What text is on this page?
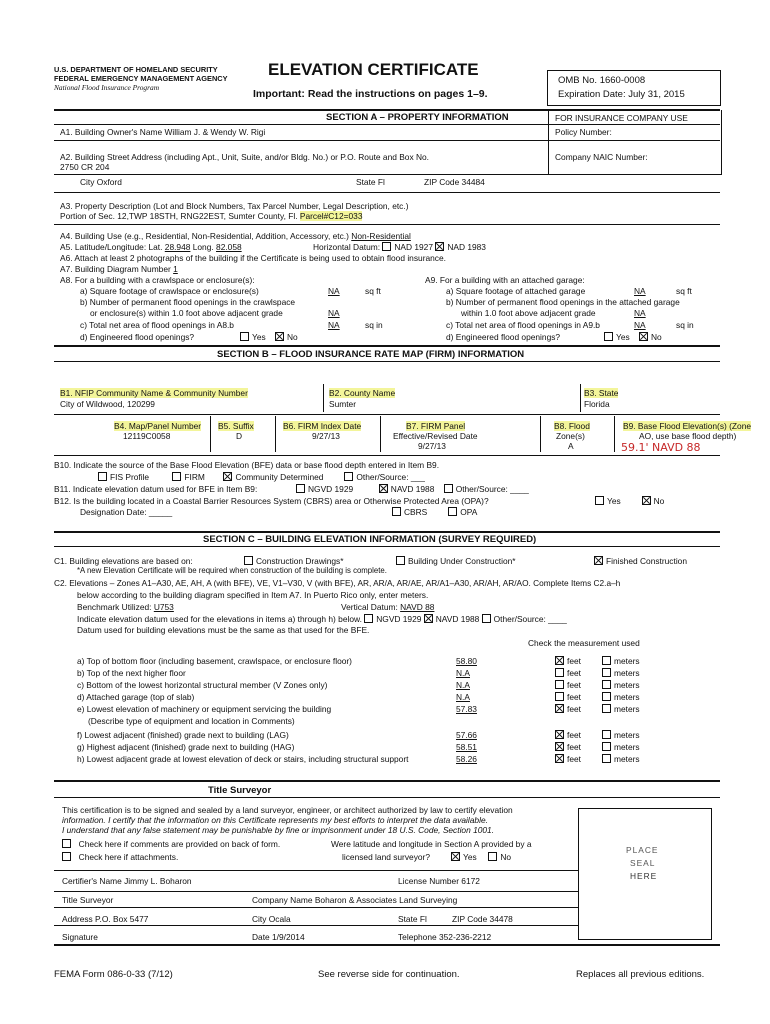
U.S. DEPARTMENT OF HOMELAND SECURITY
FEDERAL EMERGENCY MANAGEMENT AGENCY
National Flood Insurance Program
ELEVATION CERTIFICATE
Important: Read the instructions on pages 1–9.
OMB No. 1660-0008
Expiration Date: July 31, 2015
SECTION A – PROPERTY INFORMATION	FOR INSURANCE COMPANY USE
A1. Building Owner's Name William J. & Wendy W. Rigi	Policy Number:
A2. Building Street Address (including Apt., Unit, Suite, and/or Bldg. No.) or P.O. Route and Box No.	Company NAIC Number:
2750 CR 204
City Oxford	State Fl	ZIP Code 34484
A3. Property Description (Lot and Block Numbers, Tax Parcel Number, Legal Description, etc.)
Portion of Sec. 12,TWP 18STH, RNG22EST, Sumter County, Fl. Parcel#C12=033
A4. Building Use (e.g., Residential, Non-Residential, Addition, Accessory, etc.) Non-Residential
A5. Latitude/Longitude: Lat. 28.948 Long. 82.058	Horizontal Datum: NAD 1927 NAD 1983
A6. Attach at least 2 photographs of the building if the Certificate is being used to obtain flood insurance.
A7. Building Diagram Number 1
A8. For a building with a crawlspace or enclosure(s):
a) Square footage of crawlspace or enclosure(s)	NA	sq ft
b) Number of permanent flood openings in the crawlspace
or enclosure(s) within 1.0 foot above adjacent grade	NA
c) Total net area of flood openings in A8.b	NA	sq in
d) Engineered flood openings?	Yes	No
A9. For a building with an attached garage:
a) Square footage of attached garage	NA	sq ft
b) Number of permanent flood openings in the attached garage
within 1.0 foot above adjacent grade	NA
c) Total net area of flood openings in A9.b	NA	sq in
d) Engineered flood openings?	Yes	No
SECTION B – FLOOD INSURANCE RATE MAP (FIRM) INFORMATION
B1. NFIP Community Name & Community Number
City of Wildwood, 120299
B2. County Name
Sumter
B3. State
Florida
B4. Map/Panel Number
12119C0058
B5. Suffix
D
B6. FIRM Index Date
9/27/13
B7. FIRM Panel
Effective/Revised Date
9/27/13
B8. Flood
Zone(s)
A
B9. Base Flood Elevation(s) (Zone
AO, use base flood depth)
59.1' NAVD 88
B10. Indicate the source of the Base Flood Elevation (BFE) data or base flood depth entered in Item B9.
FIS Profile	FIRM	Community Determined	Other/Source: ___
B11. Indicate elevation datum used for BFE in Item B9:	NGVD 1929	NAVD 1988	Other/Source: ____
B12. Is the building located in a Coastal Barrier Resources System (CBRS) area or Otherwise Protected Area (OPA)?	Yes	No
Designation Date: _____	CBRS	OPA
SECTION C – BUILDING ELEVATION INFORMATION (SURVEY REQUIRED)
C1. Building elevations are based on:	Construction Drawings*	Building Under Construction*	Finished Construction
*A new Elevation Certificate will be required when construction of the building is complete.
C2. Elevations – Zones A1–A30, AE, AH, A (with BFE), VE, V1–V30, V (with BFE), AR, AR/A, AR/AE, AR/A1–A30, AR/AH, AR/AO. Complete Items C2.a–h
below according to the building diagram specified in Item A7. In Puerto Rico only, enter meters.
Benchmark Utilized: U753	Vertical Datum: NAVD 88
Indicate elevation datum used for the elevations in items a) through h) below. NGVD 1929 NAVD 1988 Other/Source: ____
Datum used for building elevations must be the same as that used for the BFE.
Check the measurement used
a) Top of bottom floor (including basement, crawlspace, or enclosure floor)	58.80	feet	meters
b) Top of the next higher floor	N.A	feet	meters
c) Bottom of the lowest horizontal structural member (V Zones only)	N.A	feet	meters
d) Attached garage (top of slab)	N.A	feet	meters
e) Lowest elevation of machinery or equipment servicing the building	57.83	feet	meters
(Describe type of equipment and location in Comments)
f) Lowest adjacent (finished) grade next to building (LAG)	57.66	feet	meters
g) Highest adjacent (finished) grade next to building (HAG)	58.51	feet	meters
h) Lowest adjacent grade at lowest elevation of deck or stairs, including structural support	58.26	feet	meters
Title Surveyor
This certification is to be signed and sealed by a land surveyor, engineer, or architect authorized by law to certify elevation
information. I certify that the information on this Certificate represents my best efforts to interpret the data available.
I understand that any false statement may be punishable by fine or imprisonment under 18 U.S. Code, Section 1001.
Check here if comments are provided on back of form.
Check here if attachments.
Were latitude and longitude in Section A provided by a
licensed land surveyor?	Yes	No
PLACE
SEAL
HERE
Certifier's Name Jimmy L. Boharon	License Number 6172
Title Surveyor	Company Name Boharon & Associates Land Surveying
Address P.O. Box 5477	City Ocala	State Fl	ZIP Code 34478
Signature	Date 1/9/2014	Telephone 352-236-2212
FEMA Form 086-0-33 (7/12)	See reverse side for continuation.	Replaces all previous editions.
